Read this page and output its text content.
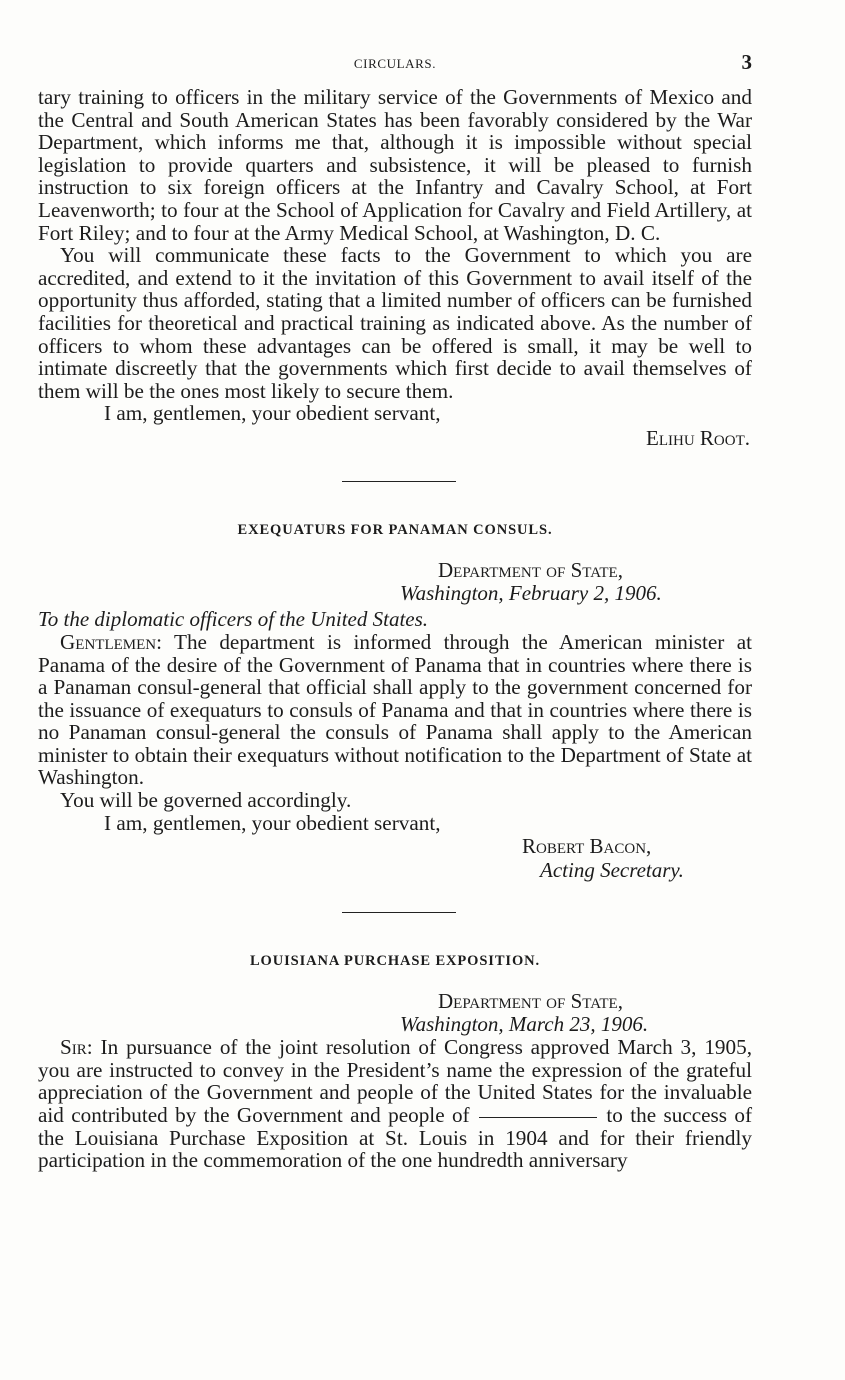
CIRCULARS.	3

tary training to officers in the military service of the Governments of Mexico and the Central and South American States has been favorably considered by the War Department, which informs me that, although it is impossible without special legislation to provide quarters and subsistence, it will be pleased to furnish instruction to six foreign officers at the Infantry and Cavalry School, at Fort Leavenworth; to four at the School of Application for Cavalry and Field Artillery, at Fort Riley; and to four at the Army Medical School, at Washington, D. C.

You will communicate these facts to the Government to which you are accredited, and extend to it the invitation of this Government to avail itself of the opportunity thus afforded, stating that a limited number of officers can be furnished facilities for theoretical and practical training as indicated above. As the number of officers to whom these advantages can be offered is small, it may be well to intimate discreetly that the governments which first decide to avail themselves of them will be the ones most likely to secure them.

I am, gentlemen, your obedient servant,

Elihu Root.
EXEQUATURS FOR PANAMAN CONSULS.
Department of State,
Washington, February 2, 1906.
To the diplomatic officers of the United States.

Gentlemen: The department is informed through the American minister at Panama of the desire of the Government of Panama that in countries where there is a Panaman consul-general that official shall apply to the government concerned for the issuance of exequaturs to consuls of Panama and that in countries where there is no Panaman consul-general the consuls of Panama shall apply to the American minister to obtain their exequaturs without notification to the Department of State at Washington.

You will be governed accordingly.

I am, gentlemen, your obedient servant,

Robert Bacon,
Acting Secretary.
LOUISIANA PURCHASE EXPOSITION.
Department of State,
Washington, March 23, 1906.

Sir: In pursuance of the joint resolution of Congress approved March 3, 1905, you are instructed to convey in the President’s name the expression of the grateful appreciation of the Government and people of the United States for the invaluable aid contributed by the Government and people of	to the success of the Louisiana Purchase Exposition at St. Louis in 1904 and for their friendly participation in the commemoration of the one hundredth anniversary
